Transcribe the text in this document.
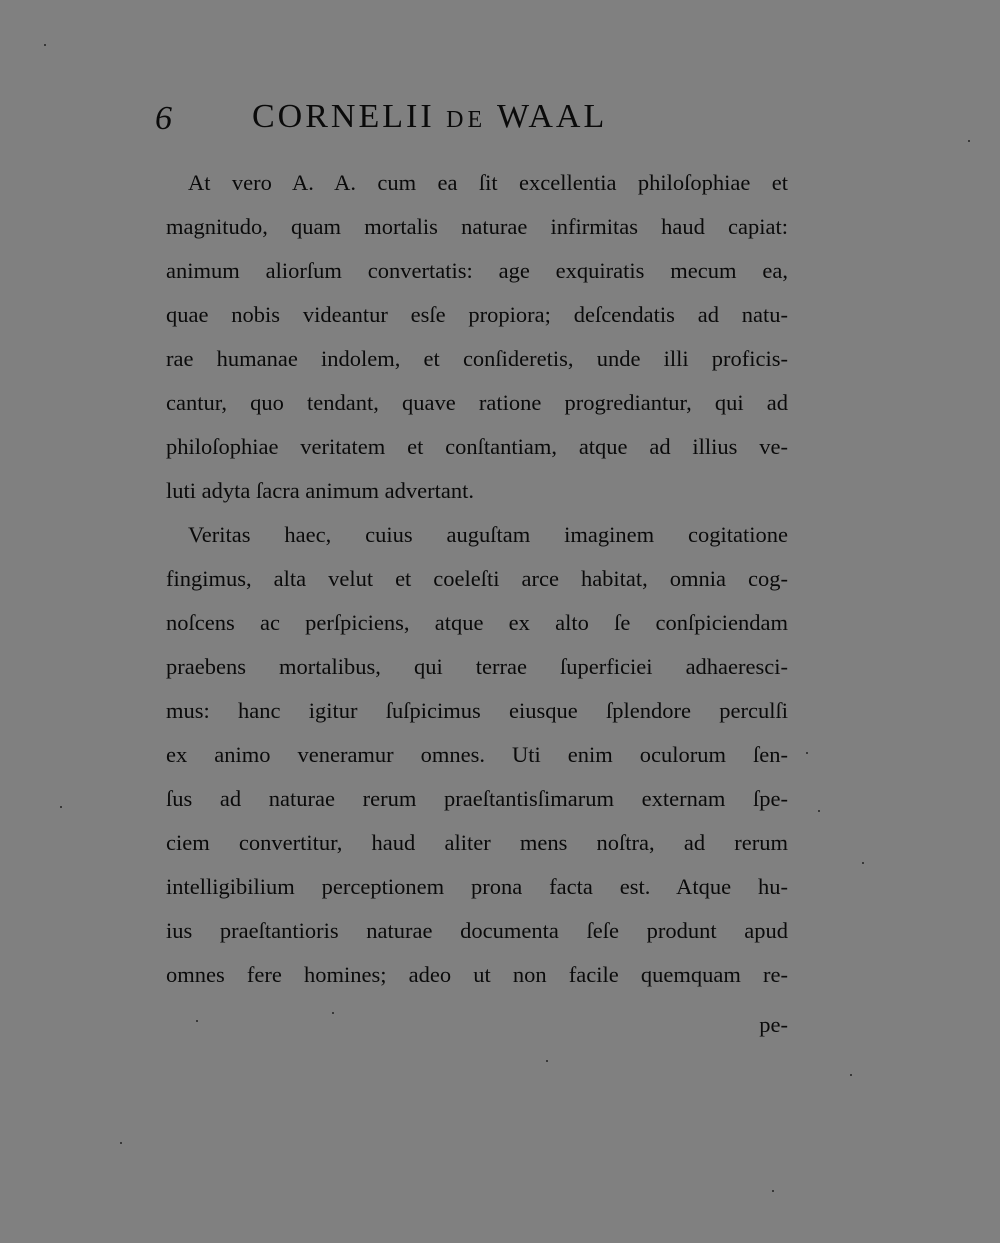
6 CORNELII DE WAAL
At vero A. A. cum ea ſit excellentia philoſophiae et
magnitudo, quam mortalis naturae infirmitas haud capiat:
animum aliorſum convertatis: age exquiratis mecum ea,
quae nobis videantur esſe propiora; deſcendatis ad natu-
rae humanae indolem, et conſideretis, unde illi proficis-
cantur, quo tendant, quave ratione progrediantur, qui ad
philoſophiae veritatem et conſtantiam, atque ad illius ve-
luti adyta ſacra animum advertant.
Veritas haec, cuius auguſtam imaginem cogitatione
fingimus, alta velut et coeleſti arce habitat, omnia cog-
noſcens ac perſpiciens, atque ex alto ſe conſpiciendam
praebens mortalibus, qui terrae ſuperficiei adhaeresci-
mus: hanc igitur ſuſpicimus eiusque ſplendore perculſi
ex animo veneramur omnes. Uti enim oculorum ſen-
ſus ad naturae rerum praeſtantisſimarum externam ſpe-
ciem convertitur, haud aliter mens noſtra, ad rerum
intelligibilium perceptionem prona facta est. Atque hu-
ius praeſtantioris naturae documenta ſeſe produnt apud
omnes fere homines; adeo ut non facile quemquam re-
pe-
